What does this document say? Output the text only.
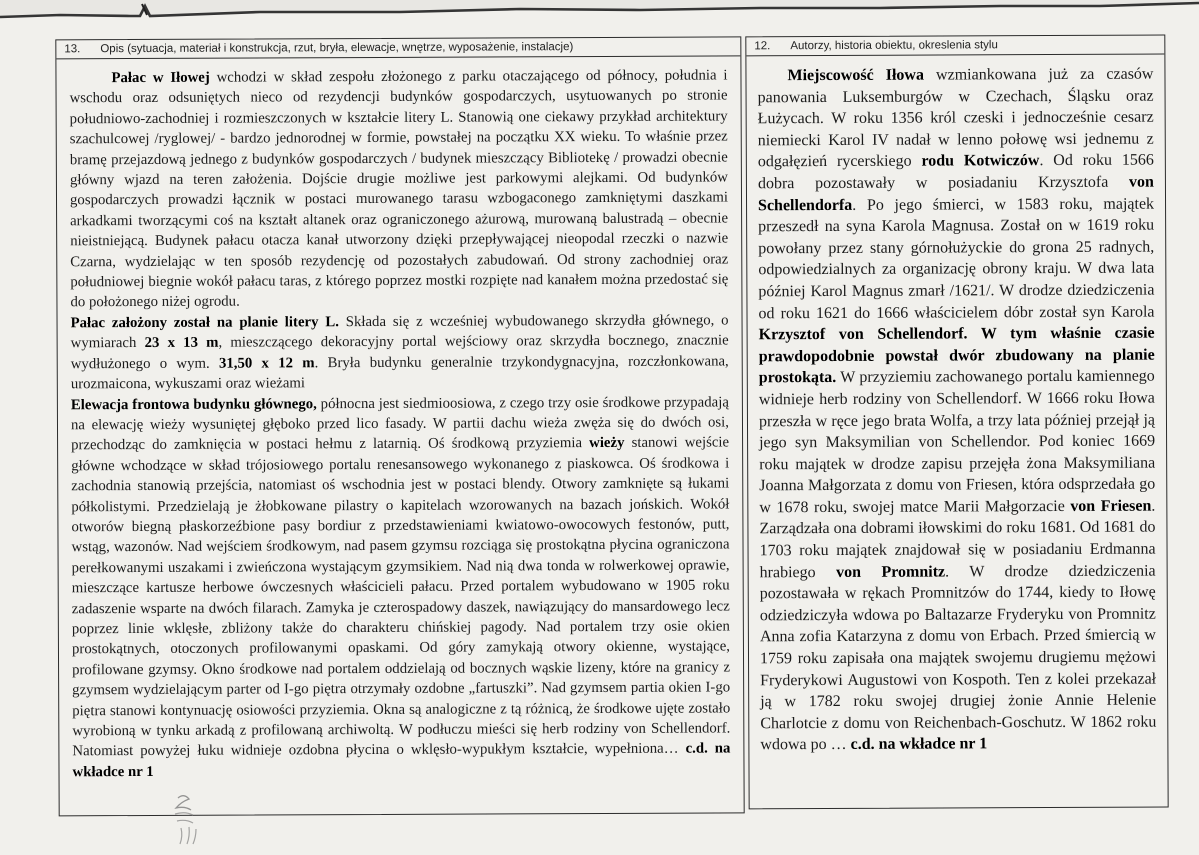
13. Opis (sytuacja, materiał i konstrukcja, rzut, bryła, elewacje, wnętrze, wyposażenie, instalacje)

Pałac w Iłowej wchodzi w skład zespołu złożonego z parku otaczającego od północy, południa i wschodu oraz odsuniętych nieco od rezydencji budynków gospodarczych, usytuowanych po stronie południowo-zachodniej i rozmieszczonych w kształcie litery L. Stanowią one ciekawy przykład architektury szachulcowej /ryglowej/ - bardzo jednorodnej w formie, powstałej na początku XX wieku. To właśnie przez bramę przejazdową jednego z budynków gospodarczych / budynek mieszczący Bibliotekę / prowadzi obecnie główny wjazd na teren założenia. Dojście drugie możliwe jest parkowymi alejkami. Od budynków gospodarczych prowadzi łącznik w postaci murowanego tarasu wzbogaconego zamkniętymi daszkami arkadkami tworzącymi coś na kształt altanek oraz ograniczonego ażurową, murowaną balustradą – obecnie nieistniejącą. Budynek pałacu otacza kanał utworzony dzięki przepływającej nieopodal rzeczki o nazwie Czarna, wydzielając w ten sposób rezydencję od pozostałych zabudowań. Od strony zachodniej oraz południowej biegnie wokół pałacu taras, z którego poprzez mostki rozpięte nad kanałem można przedostać się do położonego niżej ogrodu.

Pałac założony został na planie litery L. Składa się z wcześniej wybudowanego skrzydła głównego, o wymiarach 23 x 13 m, mieszczącego dekoracyjny portal wejściowy oraz skrzydła bocznego, znacznie wydłużonego o wym. 31,50 x 12 m. Bryła budynku generalnie trzykondygnacyjna, rozczłonkowana, urozmaicona, wykuszami oraz wieżami

Elewacja frontowa budynku głównego, północna jest siedmioosiowa, z czego trzy osie środkowe przypadają na elewację wieży wysuniętej głęboko przed lico fasady. W partii dachu wieża zwęża się do dwóch osi, przechodząc do zamknięcia w postaci hełmu z latarnią. Oś środkową przyziemia wieży stanowi wejście główne wchodzące w skład trójosiowego portalu renesansowego wykonanego z piaskowca. Oś środkowa i zachodnia stanowią przejścia, natomiast oś wschodnia jest w postaci blendy. Otwory zamknięte są łukami półkolistymi. Przedzielają je żłobkowane pilastry o kapitelach wzorowanych na bazach jońskich. Wokół otworów biegną płaskorzeźbione pasy bordiur z przedstawieniami kwiatowo-owocowych festonów, putt, wstąg, wazonów. Nad wejściem środkowym, nad pasem gzymsu rozciąga się prostokątna płycina ograniczona perełkowanymi uszakami i zwieńczona wystającym gzymsikiem. Nad nią dwa tonda w rolwerkowej oprawie, mieszczące kartusze herbowe ówczesnych właścicieli pałacu. Przed portalem wybudowano w 1905 roku zadaszenie wsparte na dwóch filarach. Zamyka je czterospadowy daszek, nawiązujący do mansardowego lecz poprzez linie wklęsłe, zbliżony także do charakteru chińskiej pagody. Nad portalem trzy osie okien prostokątnych, otoczonych profilowanymi opaskami. Od góry zamykają otwory okienne, wystające, profilowane gzymsy. Okno środkowe nad portalem oddzielają od bocznych wąskie lizeny, które na granicy z gzymsem wydzielającym parter od I-go piętra otrzymały ozdobne „fartuszki”. Nad gzymsem partia okien I-go piętra stanowi kontynuację osiowości przyziemia. Okna są analogiczne z tą różnicą, że środkowe ujęte zostało wyrobioną w tynku arkadą z profilowaną archiwoltą. W podłuczu mieści się herb rodziny von Schellendorf. Natomiast powyżej łuku widnieje ozdobna płycina o wklęsło-wypukłym kształcie, wypełniona… c.d. na wkładce nr 1

12. Autorzy, historia obiektu, okreslenia stylu

Miejscowość Iłowa wzmiankowana już za czasów panowania Luksemburgów w Czechach, Śląsku oraz Łużycach. W roku 1356 król czeski i jednocześnie cesarz niemiecki Karol IV nadał w lenno połowę wsi jednemu z odgałęzień rycerskiego rodu Kotwiczów. Od roku 1566 dobra pozostawały w posiadaniu Krzysztofa von Schellendorfa. Po jego śmierci, w 1583 roku, majątek przeszedł na syna Karola Magnusa. Został on w 1619 roku powołany przez stany górnołużyckie do grona 25 radnych, odpowiedzialnych za organizację obrony kraju. W dwa lata później Karol Magnus zmarł /1621/. W drodze dziedziczenia od roku 1621 do 1666 właścicielem dóbr został syn Karola Krzysztof von Schellendorf. W tym właśnie czasie prawdopodobnie powstał dwór zbudowany na planie prostokąta. W przyziemiu zachowanego portalu kamiennego widnieje herb rodziny von Schellendorf. W 1666 roku Iłowa przeszła w ręce jego brata Wolfa, a trzy lata później przejął ją jego syn Maksymilian von Schellendor. Pod koniec 1669 roku majątek w drodze zapisu przejęła żona Maksymiliana Joanna Małgorzata z domu von Friesen, która odsprzedała go w 1678 roku, swojej matce Marii Małgorzacie von Friesen. Zarządzała ona dobrami iłowskimi do roku 1681. Od 1681 do 1703 roku majątek znajdował się w posiadaniu Erdmanna hrabiego von Promnitz. W drodze dziedziczenia pozostawała w rękach Promnitzów do 1744, kiedy to Iłowę odziedziczyła wdowa po Baltazarze Fryderyku von Promnitz Anna zofia Katarzyna z domu von Erbach. Przed śmiercią w 1759 roku zapisała ona majątek swojemu drugiemu mężowi Fryderykowi Augustowi von Kospoth. Ten z kolei przekazał ją w 1782 roku swojej drugiej żonie Annie Helenie Charlotcie z domu von Reichenbach-Goschutz. W 1862 roku wdowa po … c.d. na wkładce nr 1
